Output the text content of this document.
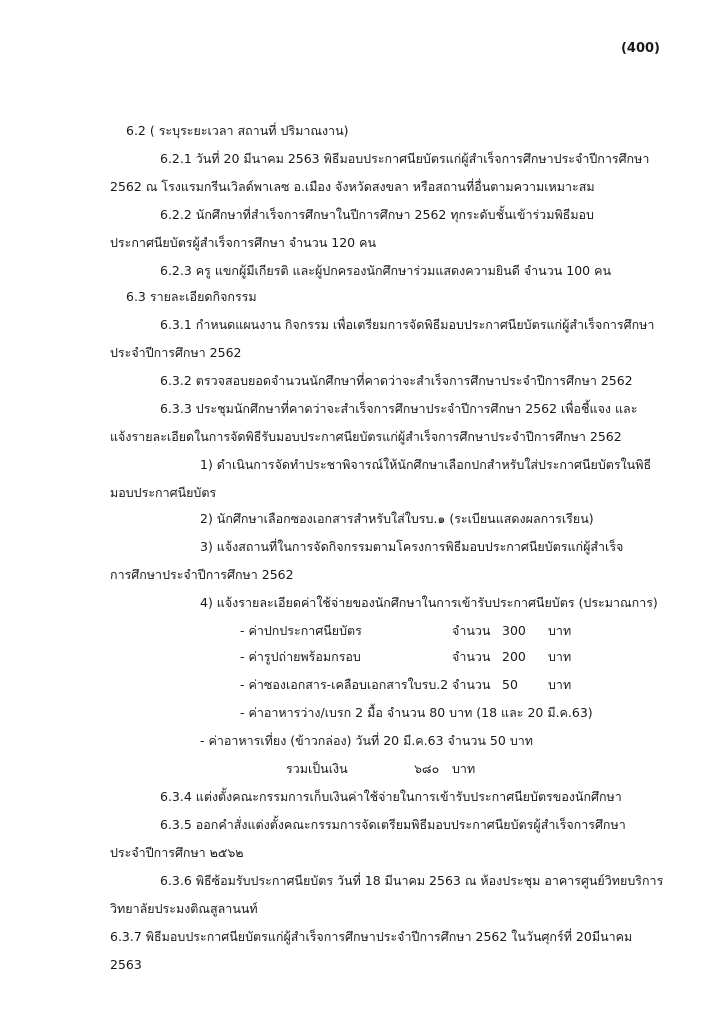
(400)
6.2 ( ระบุระยะเวลา สถานที่ ปริมาณงาน)
6.2.1 วันที่ 20 มีนาคม 2563 พิธีมอบประกาศนียบัตรแก่ผู้สำเร็จการศึกษาประจำปีการศึกษา
2562 ณ โรงแรมกรีนเวิลด์พาเลซ อ.เมือง จังหวัดสงขลา หรือสถานที่อื่นตามความเหมาะสม
6.2.2 นักศึกษาที่สำเร็จการศึกษาในปีการศึกษา 2562 ทุกระดับชั้นเข้าร่วมพิธีมอบ
ประกาศนียบัตรผู้สำเร็จการศึกษา จำนวน 120 คน
6.2.3 ครู แขกผู้มีเกียรติ และผู้ปกครองนักศึกษาร่วมแสดงความยินดี จำนวน 100 คน
6.3 รายละเอียดกิจกรรม
6.3.1 กำหนดแผนงาน กิจกรรม เพื่อเตรียมการจัดพิธีมอบประกาศนียบัตรแก่ผู้สำเร็จการศึกษา
ประจำปีการศึกษา 2562
6.3.2 ตรวจสอบยอดจำนวนนักศึกษาที่คาดว่าจะสำเร็จการศึกษาประจำปีการศึกษา 2562
6.3.3 ประชุมนักศึกษาที่คาดว่าจะสำเร็จการศึกษาประจำปีการศึกษา 2562 เพื่อชี้แจง และ
แจ้งรายละเอียดในการจัดพิธีรับมอบประกาศนียบัตรแก่ผู้สำเร็จการศึกษาประจำปีการศึกษา 2562
1) ดำเนินการจัดทำประชาพิจารณ์ให้นักศึกษาเลือกปกสำหรับใส่ประกาศนียบัตรในพิธี
มอบประกาศนียบัตร
2) นักศึกษาเลือกซองเอกสารสำหรับใส่ใบรบ.๑ (ระเบียนแสดงผลการเรียน)
3) แจ้งสถานที่ในการจัดกิจกรรมตามโครงการพิธีมอบประกาศนียบัตรแก่ผู้สำเร็จ
การศึกษาประจำปีการศึกษา 2562
4) แจ้งรายละเอียดค่าใช้จ่ายของนักศึกษาในการเข้ารับประกาศนียบัตร (ประมาณการ)
- ค่าปกประกาศนียบัตร	จำนวน 300 บาท
- ค่ารูปถ่ายพร้อมกรอบ	จำนวน 200 บาท
- ค่าซองเอกสาร-เคลือบเอกสารใบรบ.2 จำนวน 50 บาท
- ค่าอาหารว่าง/เบรก 2 มื้อ จำนวน 80 บาท (18 และ 20 มี.ค.63)
- ค่าอาหารเที่ยง (ข้าวกล่อง) วันที่ 20 มี.ค.63 จำนวน 50 บาท
รวมเป็นเงิน	๖๘๐ บาท
6.3.4 แต่งตั้งคณะกรรมการเก็บเงินค่าใช้จ่ายในการเข้ารับประกาศนียบัตรของนักศึกษา
6.3.5 ออกคำสั่งแต่งตั้งคณะกรรมการจัดเตรียมพิธีมอบประกาศนียบัตรผู้สำเร็จการศึกษา
ประจำปีการศึกษา ๒๕๖๒
6.3.6 พิธีซ้อมรับประกาศนียบัตร วันที่ 18 มีนาคม 2563 ณ ห้องประชุม อาคารศูนย์วิทยบริการ
วิทยาลัยประมงติณสูลานนท์
6.3.7 พิธีมอบประกาศนียบัตรแก่ผู้สำเร็จการศึกษาประจำปีการศึกษา 2562 ในวันศุกร์ที่ 20มีนาคม
2563
